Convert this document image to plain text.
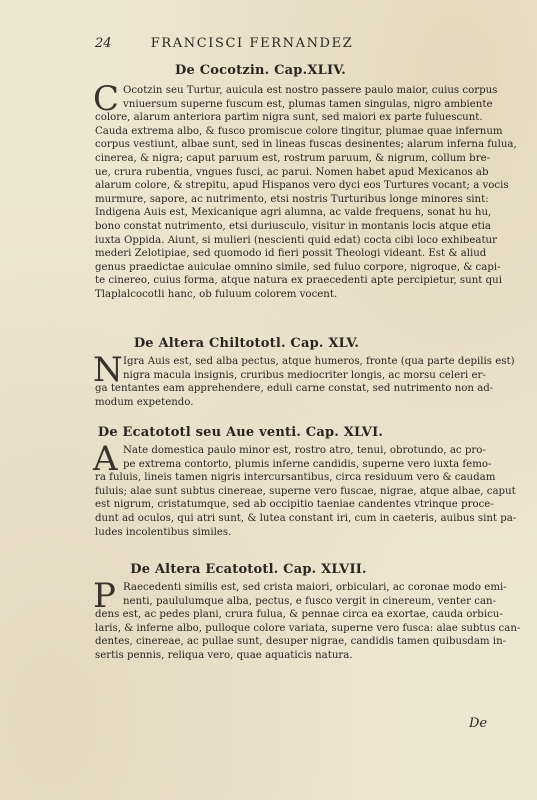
24	FRANCISCI FERNANDEZ
De Cocotzin. Cap.XLIV.
C Ocotzin seu Turtur, auicula est nostro passere paulo maior, cuius corpus
vniuersum superne fuscum est, plumas tamen singulas, nigro ambiente
colore, alarum anteriora partim nigra sunt, sed maiori ex parte fuluescunt.
Cauda extrema albo, & fusco promiscue colore tingitur, plumae quae infernum
corpus vestiunt, albae sunt, sed in lineas fuscas desinentes; alarum inferna fulua,
cinerea, & nigra; caput paruum est, rostrum paruum, & nigrum, collum bre-
ue, crura rubentia, vngues fusci, ac parui. Nomen habet apud Mexicanos ab
alarum colore, & strepitu, apud Hispanos vero dyci eos Turtures vocant; a vocis
murmure, sapore, ac nutrimento, etsi nostris Turturibus longe minores sint:
Indigena Auis est, Mexicanique agri alumna, ac valde frequens, sonat hu hu,
bono constat nutrimento, etsi duriusculo, visitur in montanis locis atque etia
iuxta Oppida. Aiunt, si mulieri (nescienti quid edat) cocta cibi loco exhibeatur
mederi Zelotipiae, sed quomodo id fieri possit Theologi videant. Est & aliud
genus praedictae auiculae omnino simile, sed fuluo corpore, nigroque, & capi-
te cinereo, cuius forma, atque natura ex praecedenti apte percipietur, sunt qui
Tlaplalcocotli hanc, ob fuluum colorem vocent.
De Altera Chiltototl. Cap. XLV.
N Igra Auis est, sed alba pectus, atque humeros, fronte (qua parte depilis est)
nigra macula insignis, cruribus mediocriter longis, ac morsu celeri er-
ga tentantes eam apprehendere, eduli carne constat, sed nutrimento non ad-
modum expetendo.
De Ecatototl seu Aue venti. Cap. XLVI.
A Nate domestica paulo minor est, rostro atro, tenui, obrotundo, ac pro-
pe extrema contorto, plumis inferne candidis, superne vero iuxta femo-
ra fuluis, lineis tamen nigris intercursantibus, circa residuum vero & caudam
fuluis; alae sunt subtus cinereae, superne vero fuscae, nigrae, atque albae, caput
est nigrum, cristatumque, sed ab occipitio taeniae candentes vtrinque proce-
dunt ad oculos, qui atri sunt, & lutea constant iri, cum in caeteris, auibus sint pa-
ludes incolentibus similes.
De Altera Ecatototl. Cap. XLVII.
P Raecedenti similis est, sed crista maiori, orbiculari, ac coronae modo emi-
nenti, paululumque alba, pectus, e fusco vergit in cinereum, venter can-
dens est, ac pedes plani, crura fulua, & pennae circa ea exortae, cauda orbicu-
laris, & inferne albo, pulloque colore variata, superne vero fusca: alae subtus can-
dentes, cinereae, ac pullae sunt, desuper nigrae, candidis tamen quibusdam in-
sertis pennis, reliqua vero, quae aquaticis natura.
De
